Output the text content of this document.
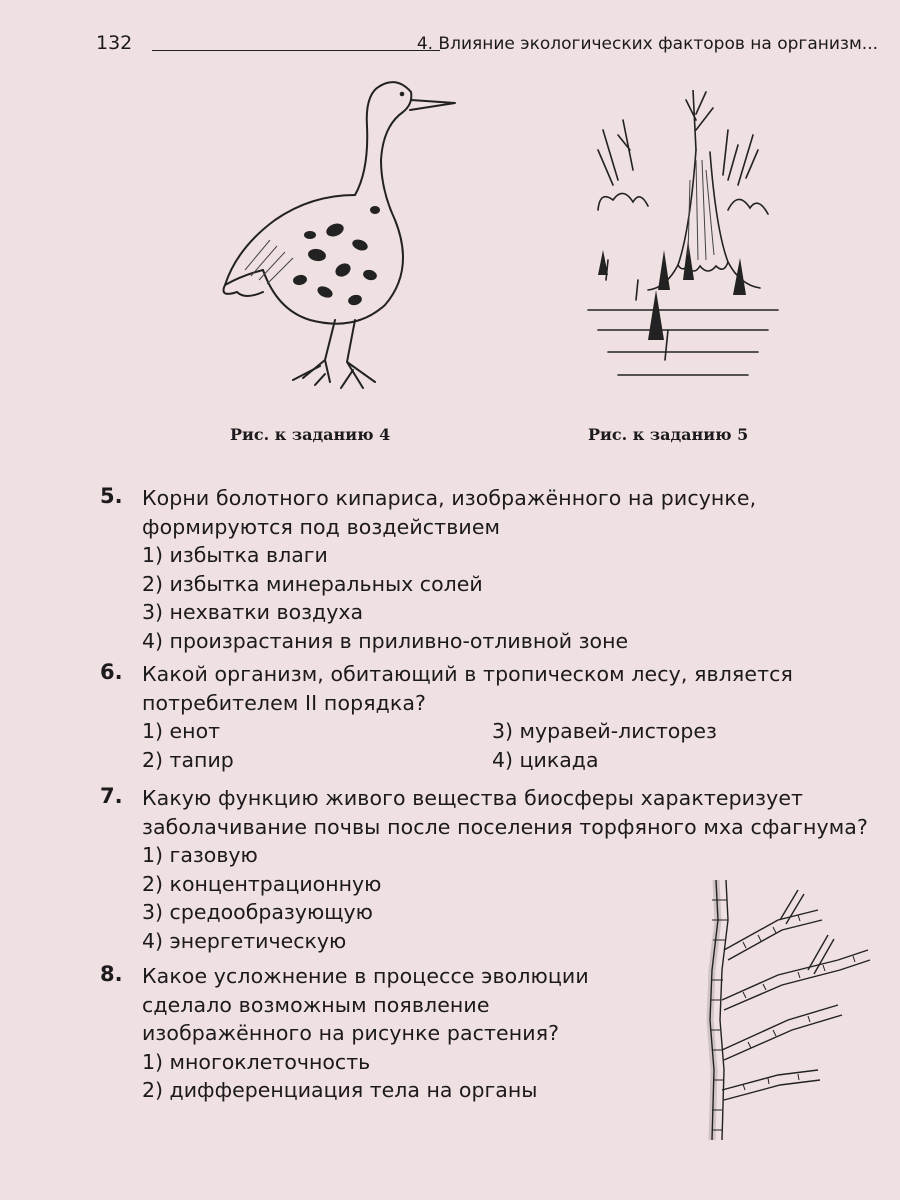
132	4. Влияние экологических факторов на организм...
Рис. к заданию 4	Рис. к заданию 5
5. Корни болотного кипариса, изображённого на рисунке, формируются под воздействием
1) избытка влаги
2) избытка минеральных солей
3) нехватки воздуха
4) произрастания в приливно-отливной зоне
6. Какой организм, обитающий в тропическом лесу, является потребителем II порядка?
1) енот	3) муравей-листорез
2) тапир	4) цикада
7. Какую функцию живого вещества биосферы характеризует заболачивание почвы после поселения торфяного мха сфагнума?
1) газовую
2) концентрационную
3) средообразующую
4) энергетическую
8. Какое усложнение в процессе эволюции сделало возможным появление изображённого на рисунке растения?
1) многоклеточность
2) дифференциация тела на органы
